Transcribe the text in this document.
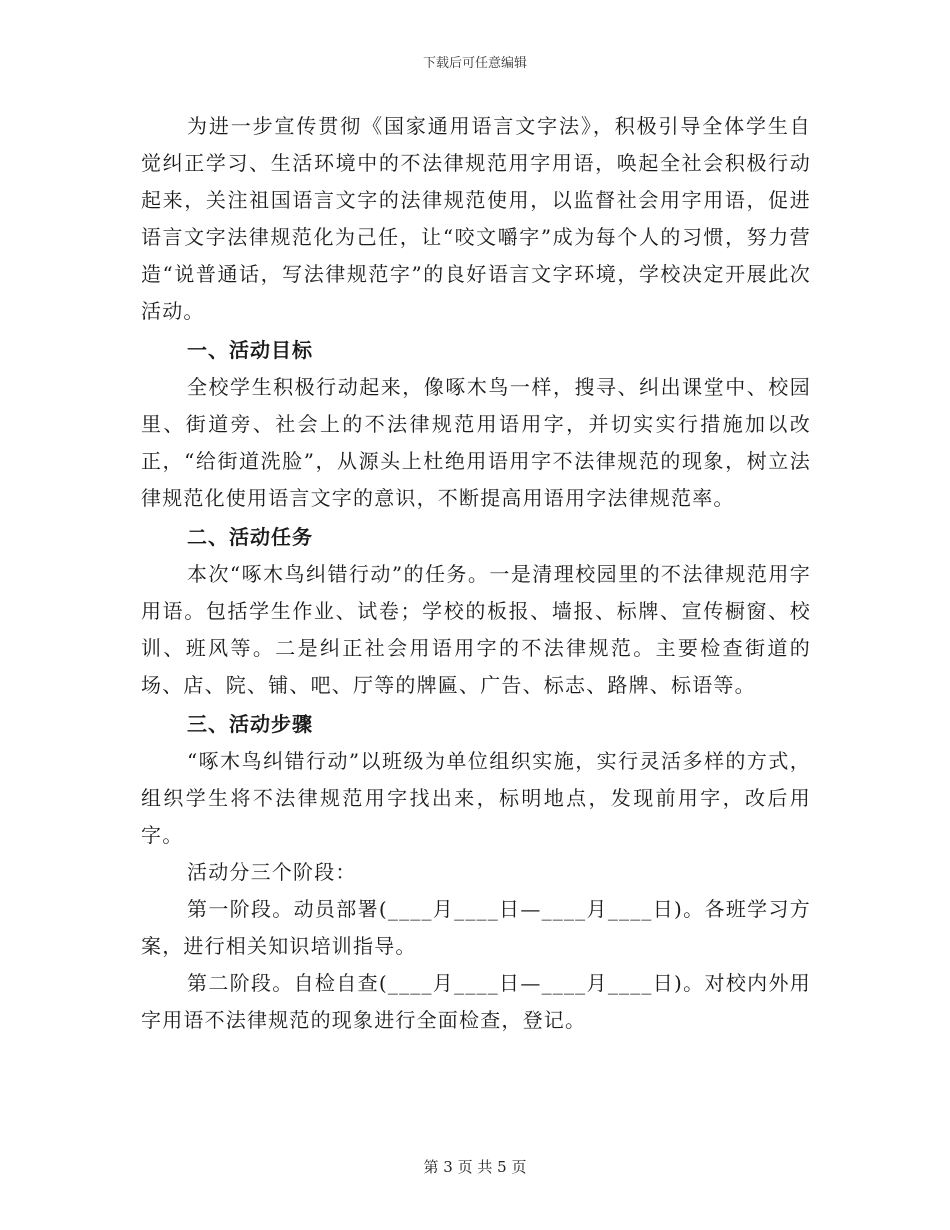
下载后可任意编辑

为进一步宣传贯彻《国家通用语言文字法》，积极引导全体学生自觉纠正学习、生活环境中的不法律规范用字用语，唤起全社会积极行动起来，关注祖国语言文字的法律规范使用，以监督社会用字用语，促进语言文字法律规范化为己任，让“咬文嚼字”成为每个人的习惯，努力营造“说普通话，写法律规范字”的良好语言文字环境，学校决定开展此次活动。

一、活动目标

全校学生积极行动起来，像啄木鸟一样，搜寻、纠出课堂中、校园里、街道旁、社会上的不法律规范用语用字，并切实实行措施加以改正，“给街道洗脸”，从源头上杜绝用语用字不法律规范的现象，树立法律规范化使用语言文字的意识，不断提高用语用字法律规范率。

二、活动任务

本次“啄木鸟纠错行动”的任务。一是清理校园里的不法律规范用字用语。包括学生作业、试卷；学校的板报、墙报、标牌、宣传橱窗、校训、班风等。二是纠正社会用语用字的不法律规范。主要检查街道的场、店、院、铺、吧、厅等的牌匾、广告、标志、路牌、标语等。

三、活动步骤

“啄木鸟纠错行动”以班级为单位组织实施，实行灵活多样的方式，组织学生将不法律规范用字找出来，标明地点，发现前用字，改后用字。

活动分三个阶段：

第一阶段。动员部署(____月____日—____月____日)。各班学习方案，进行相关知识培训指导。

第二阶段。自检自查(____月____日—____月____日)。对校内外用字用语不法律规范的现象进行全面检查，登记。

第 3 页 共 5 页
